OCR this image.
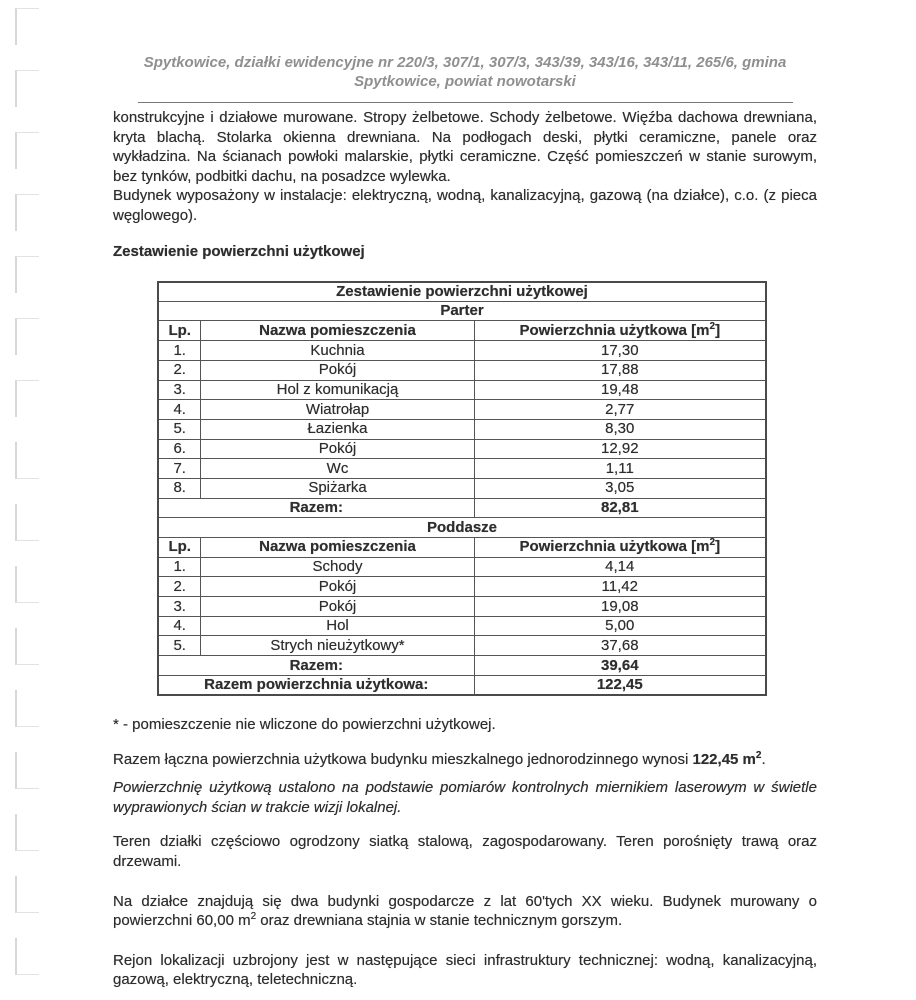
Spytkowice, działki ewidencyjne nr 220/3, 307/1, 307/3, 343/39, 343/16, 343/11, 265/6, gmina Spytkowice, powiat nowotarski

konstrukcyjne i działowe murowane. Stropy żelbetowe. Schody żelbetowe. Więźba dachowa drewniana, kryta blachą. Stolarka okienna drewniana. Na podłogach deski, płytki ceramiczne, panele oraz wykładzina. Na ścianach powłoki malarskie, płytki ceramiczne. Część pomieszczeń w stanie surowym, bez tynków, podbitki dachu, na posadzce wylewka.

Budynek wyposażony w instalacje: elektryczną, wodną, kanalizacyjną, gazową (na działce), c.o. (z pieca węglowego).

Zestawienie powierzchni użytkowej
Zestawienie powierzchni użytkowej		
Parter		
Lp.	Nazwa pomieszczenia	Powierzchnia użytkowa $[m^2]$
1.	Kuchnia	17,30
2.	Pokój	17,88
3.	Hol z komunikacją	19,48
4.	Wiatrołap	2,77
5.	Łazienka	8,30
6.	Pokój	12,92
7.	Wc	1,11
8.	Spiżarka	3,05
Razem:		82,81
Poddasze		
Lp.	Nazwa pomieszczenia	Powierzchnia użytkowa $[m^2]$
1.	Schody	4,14
2.	Pokój	11,42
3.	Pokój	19,08
4.	Hol	5,00
5.	Strych nieużytkowy*	37,68
Razem:		39,64
Razem powierzchnia użytkowa:		122,45

* - pomieszczenie nie wliczone do powierzchni użytkowej.

Razem łączna powierzchnia użytkowa budynku mieszkalnego jednorodzinnego wynosi 122,45 $m^2$.

Powierzchnię użytkową ustalono na podstawie pomiarów kontrolnych miernikiem laserowym w świetle wyprawionych ścian w trakcie wizji lokalnej.

Teren działki częściowo ogrodzony siatką stalową, zagospodarowany. Teren porośnięty trawą oraz drzewami.

Na działce znajdują się dwa budynki gospodarcze z lat 60'tych XX wieku. Budynek murowany o powierzchni 60,00 $m^2$ oraz drewniana stajnia w stanie technicznym gorszym.

Rejon lokalizacji uzbrojony jest w następujące sieci infrastruktury technicznej: wodną, kanalizacyjną, gazową, elektryczną, teletechniczną.
